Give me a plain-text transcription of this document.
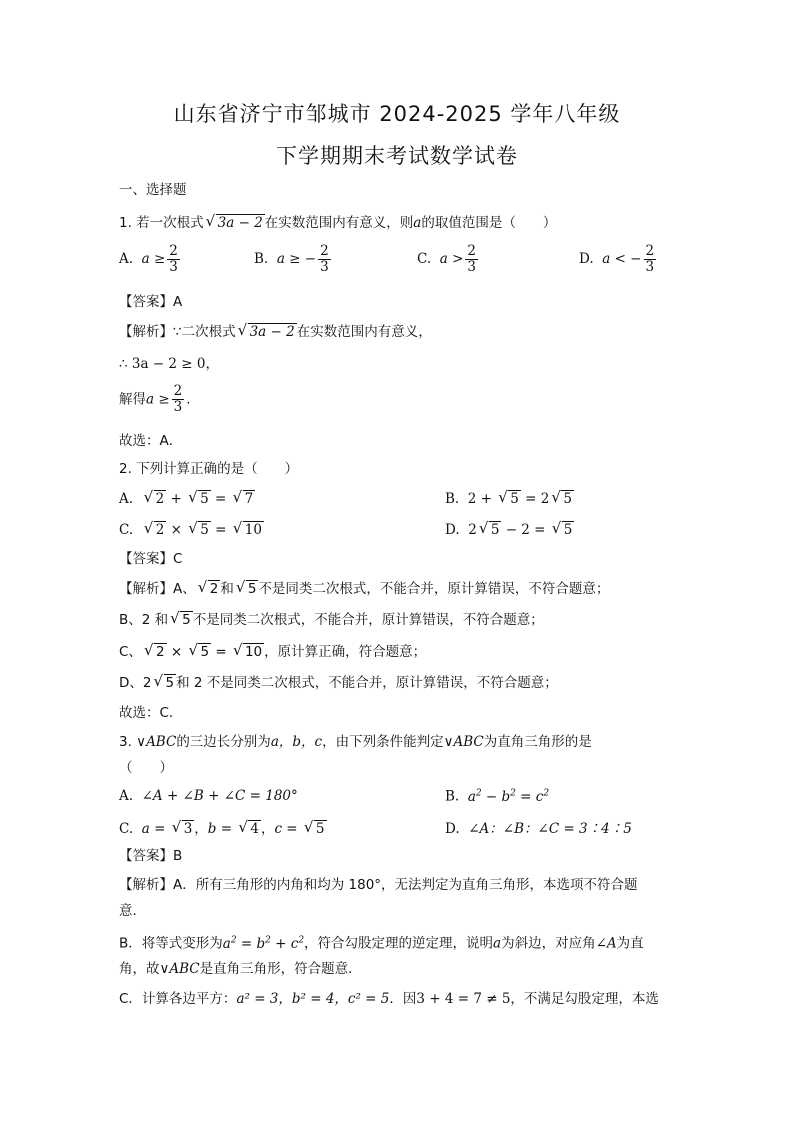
山东省济宁市邹城市 2024-2025 学年八年级
下学期期末考试数学试卷
一、选择题
1. 若一次根式 √ 3a − 2 在实数范围内有意义，则a的取值范围是（　　）
A. $a \ge \frac{2}{3}$	B. a ≥ − $\frac{2}{3}$	C. $a > \frac{2}{3}$	D. a < − $\frac{2}{3}$
【答案】A
【解析】∵二次根式 √ 3a − 2 在实数范围内有意义，
∴ 3a − 2 ≥ 0，
解得$a \ge \frac{2}{3}$ .
故选：A．
2. 下列计算正确的是（　　）
A. √ 2 + √ 5 = √ 7	B.  2 + √ 5 = 2 √ 5
C. √ 2 × √ 5 = √ 10	D.  2 √ 5 − 2 = √ 5
【答案】C
【解析】A、 √ 2 和 √ 5 不是同类二次根式，不能合并，原计算错误，不符合题意；
B、2 和 √ 5 不是同类二次根式，不能合并，原计算错误，不符合题意；
C、 √ 2 × √ 5 = √ 10 ，原计算正确，符合题意；
D、2 √ 5 和 2 不是同类二次根式，不能合并，原计算错误，不符合题意；
故选：C．
3. ∨ABC的三边长分别为a，b，c，由下列条件能判定∨ABC为直角三角形的是
（　　）
A.  ∠A + ∠B + ∠C = 180°	B. $a^2 - b^2 = c^2$
C. a = √ 3 ，b = √ 4 ，c = √ 5	D.  ∠A：∠B：∠C = 3∶4∶5
【答案】B
【解析】A．所有三角形的内角和均为 180°，无法判定为直角三角形，本选项不符合题
意．
B．将等式变形为$a^2 = b^2 + c^2$，符合勾股定理的逆定理，说明a为斜边，对应角∠A为直
角，故∨ABC是直角三角形，符合题意．
C．计算各边平方：a² = 3，b² = 4，c² = 5．因3 + 4 = 7 ≠ 5，不满足勾股定理，本选
